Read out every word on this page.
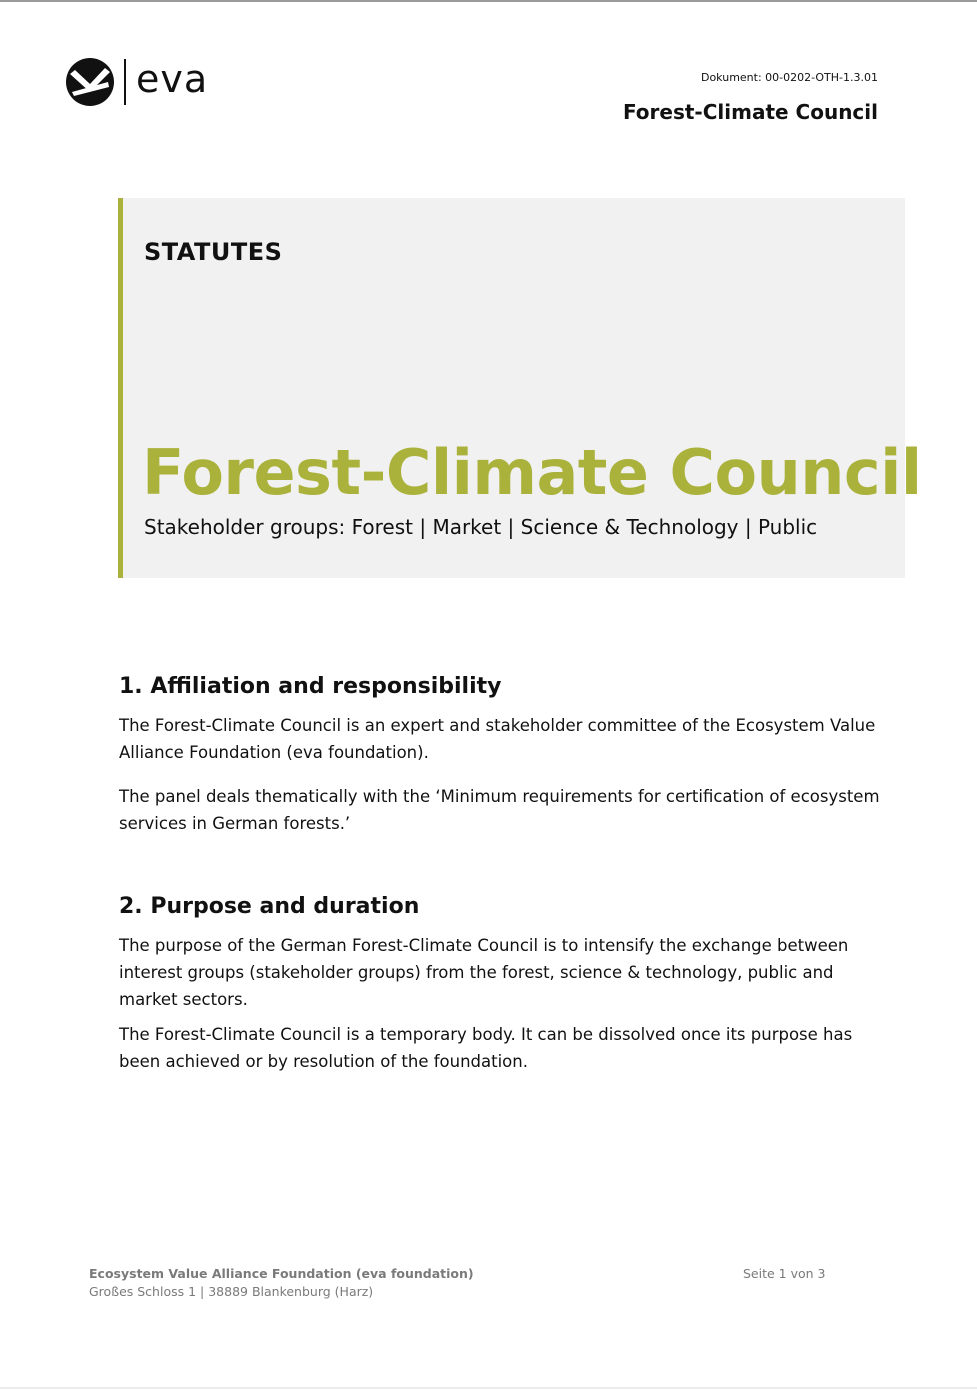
eva	Dokument: 00-0202-OTH-1.3.01
Forest-Climate Council
STATUTES
Forest-Climate Council
Stakeholder groups: Forest | Market | Science & Technology | Public
1. Affiliation and responsibility

The Forest-Climate Council is an expert and stakeholder committee of the Ecosystem Value Alliance Foundation (eva foundation).

The panel deals thematically with the ‘Minimum requirements for certification of ecosystem services in German forests.’

2. Purpose and duration

The purpose of the German Forest-Climate Council is to intensify the exchange between interest groups (stakeholder groups) from the forest, science & technology, public and market sectors.

The Forest-Climate Council is a temporary body. It can be dissolved once its purpose has been achieved or by resolution of the foundation.

Ecosystem Value Alliance Foundation (eva foundation)
Großes Schloss 1 | 38889 Blankenburg (Harz)
Seite 1 von 3
